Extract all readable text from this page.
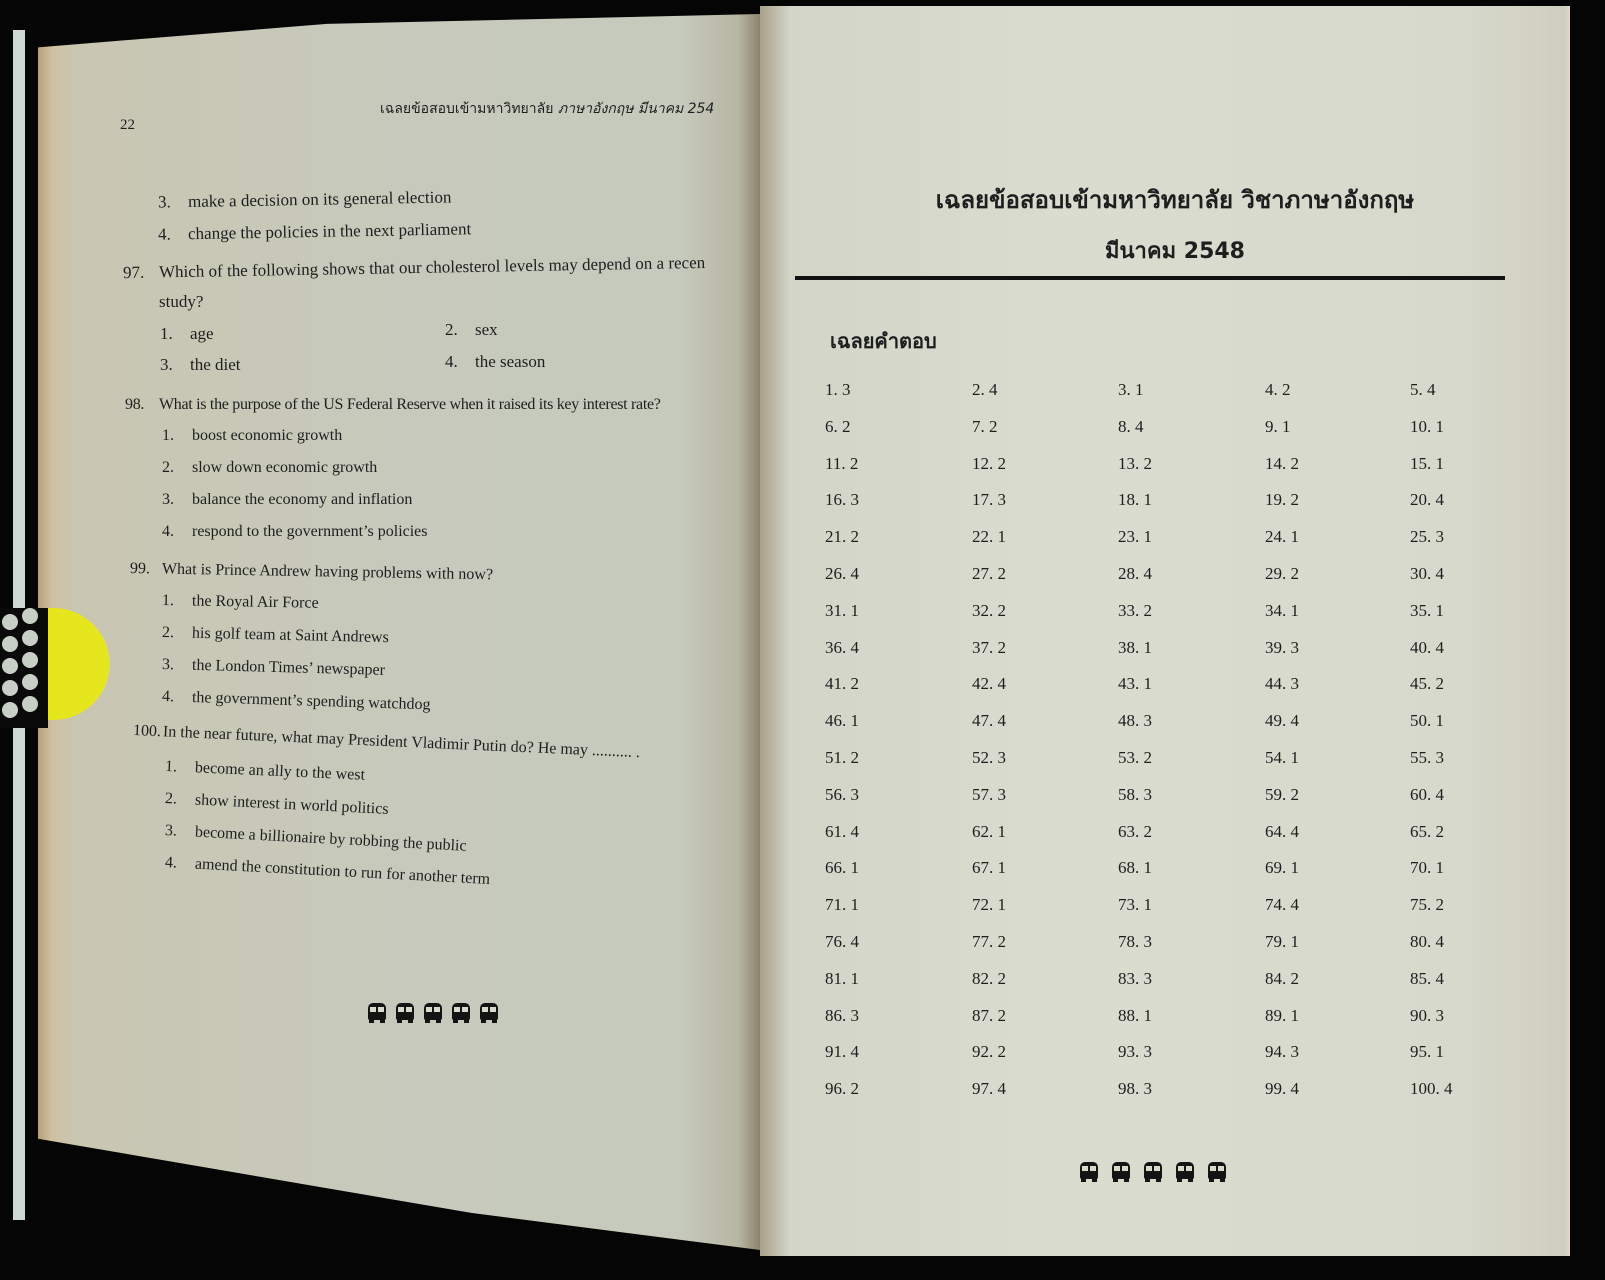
22
เฉลยข้อสอบเข้ามหาวิทยาลัย ภาษาอังกฤษ มีนาคม 254
3. make a decision on its general election
4. change the policies in the next parliament
97. Which of the following shows that our cholesterol levels may depend on a recen
study?
1. age	2. sex
3. the diet	4. the season
98. What is the purpose of the US Federal Reserve when it raised its key interest rate?
1. boost economic growth
2. slow down economic growth
3. balance the economy and inflation
4. respond to the government’s policies
99. What is Prince Andrew having problems with now?
1. the Royal Air Force
2. his golf team at Saint Andrews
3. the London Times’ newspaper
4. the government’s spending watchdog
100.In the near future, what may President Vladimir Putin do? He may .......... .
1. become an ally to the west
2. show interest in world politics
3. become a billionaire by robbing the public
4. amend the constitution to run for another term
เฉลยข้อสอบเข้ามหาวิทยาลัย วิชาภาษาอังกฤษ
มีนาคม 2548
เฉลยคำตอบ
1. 3	2. 4	3. 1	4. 2	5. 4
6. 2	7. 2	8. 4	9. 1	10. 1
11. 2	12. 2	13. 2	14. 2	15. 1
16. 3	17. 3	18. 1	19. 2	20. 4
21. 2	22. 1	23. 1	24. 1	25. 3
26. 4	27. 2	28. 4	29. 2	30. 4
31. 1	32. 2	33. 2	34. 1	35. 1
36. 4	37. 2	38. 1	39. 3	40. 4
41. 2	42. 4	43. 1	44. 3	45. 2
46. 1	47. 4	48. 3	49. 4	50. 1
51. 2	52. 3	53. 2	54. 1	55. 3
56. 3	57. 3	58. 3	59. 2	60. 4
61. 4	62. 1	63. 2	64. 4	65. 2
66. 1	67. 1	68. 1	69. 1	70. 1
71. 1	72. 1	73. 1	74. 4	75. 2
76. 4	77. 2	78. 3	79. 1	80. 4
81. 1	82. 2	83. 3	84. 2	85. 4
86. 3	87. 2	88. 1	89. 1	90. 3
91. 4	92. 2	93. 3	94. 3	95. 1
96. 2	97. 4	98. 3	99. 4	100. 4
